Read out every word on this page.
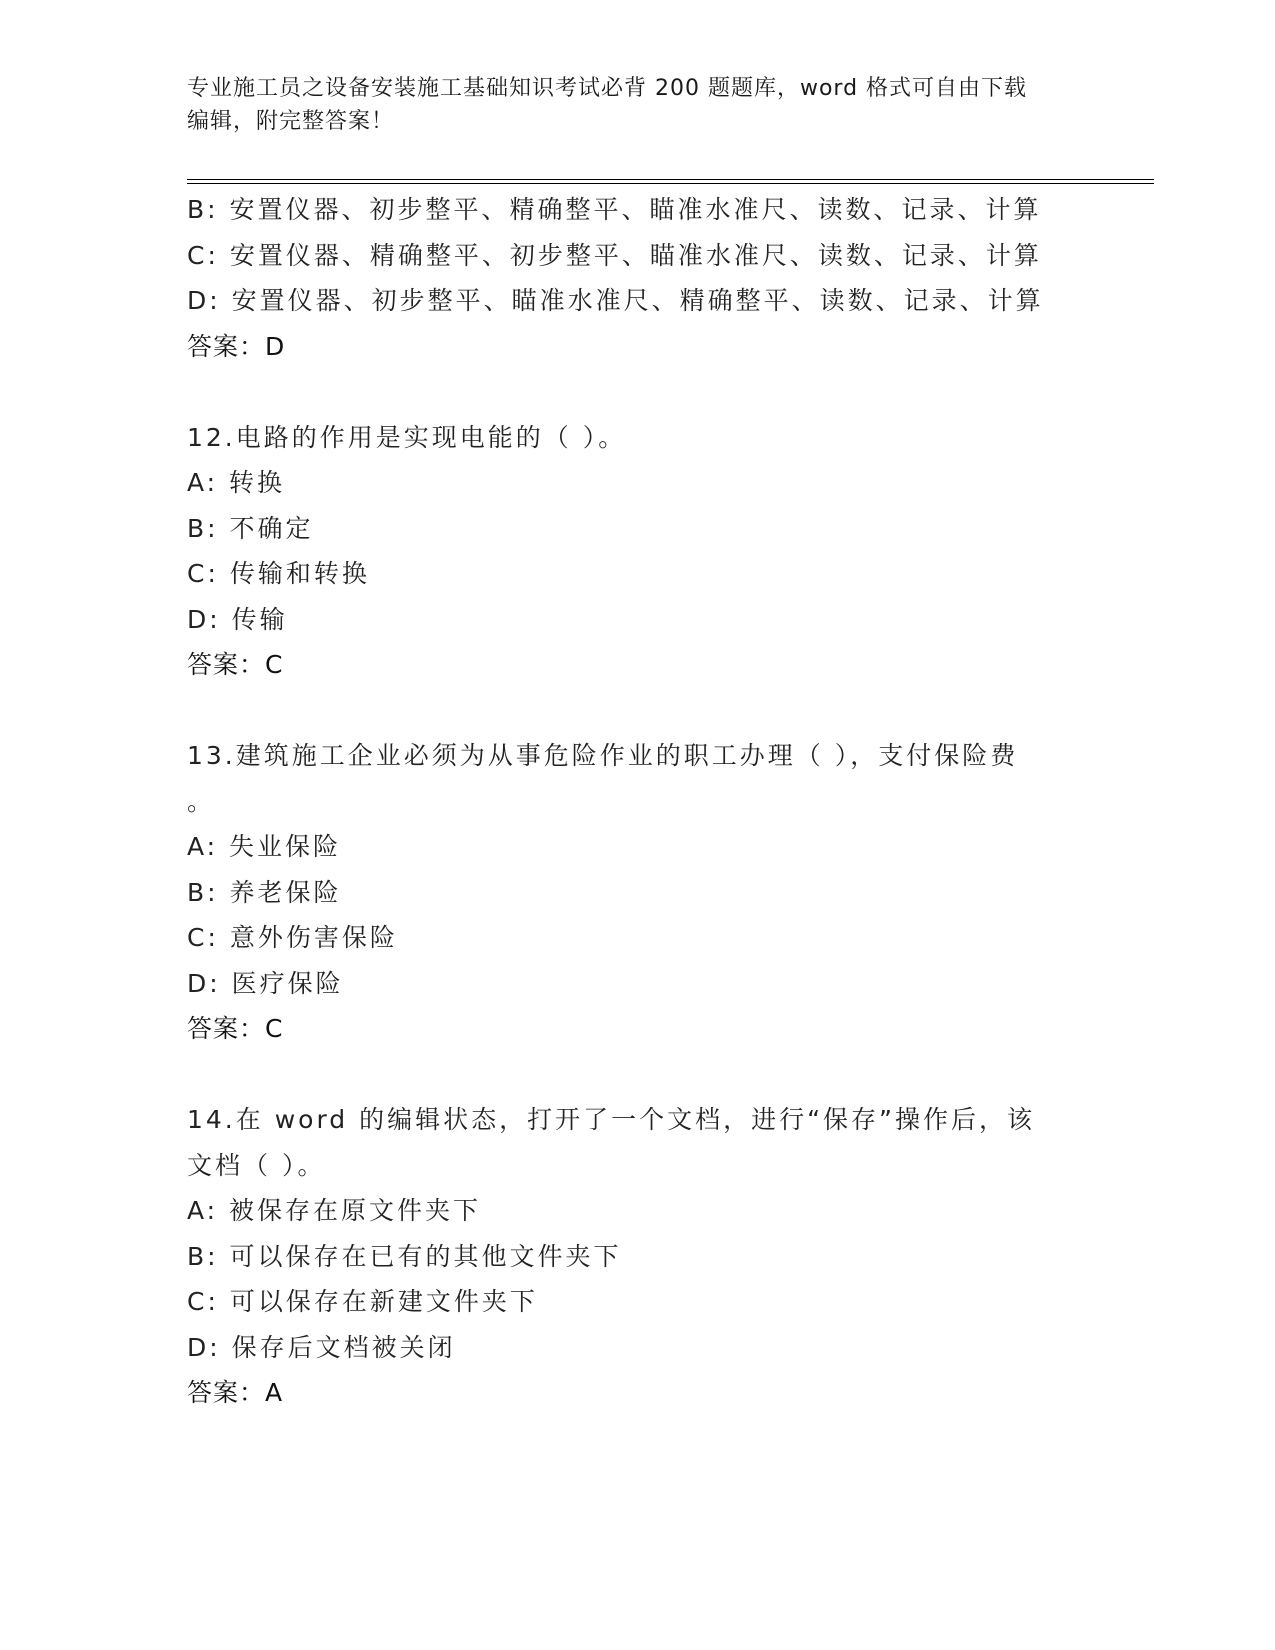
专业施工员之设备安装施工基础知识考试必背 200 题题库，word 格式可自由下载
编辑，附完整答案！
B: 安置仪器、初步整平、精确整平、瞄准水准尺、读数、记录、计算
C: 安置仪器、精确整平、初步整平、瞄准水准尺、读数、记录、计算
D: 安置仪器、初步整平、瞄准水准尺、精确整平、读数、记录、计算
答案：D
12.电路的作用是实现电能的（ ）。
A: 转换
B: 不确定
C: 传输和转换
D: 传输
答案：C
13.建筑施工企业必须为从事危险作业的职工办理（ ），支付保险费
。
A: 失业保险
B: 养老保险
C: 意外伤害保险
D: 医疗保险
答案：C
14.在 word 的编辑状态，打开了一个文档，进行“保存”操作后，该
文档（ ）。
A: 被保存在原文件夹下
B: 可以保存在已有的其他文件夹下
C: 可以保存在新建文件夹下
D: 保存后文档被关闭
答案：A
